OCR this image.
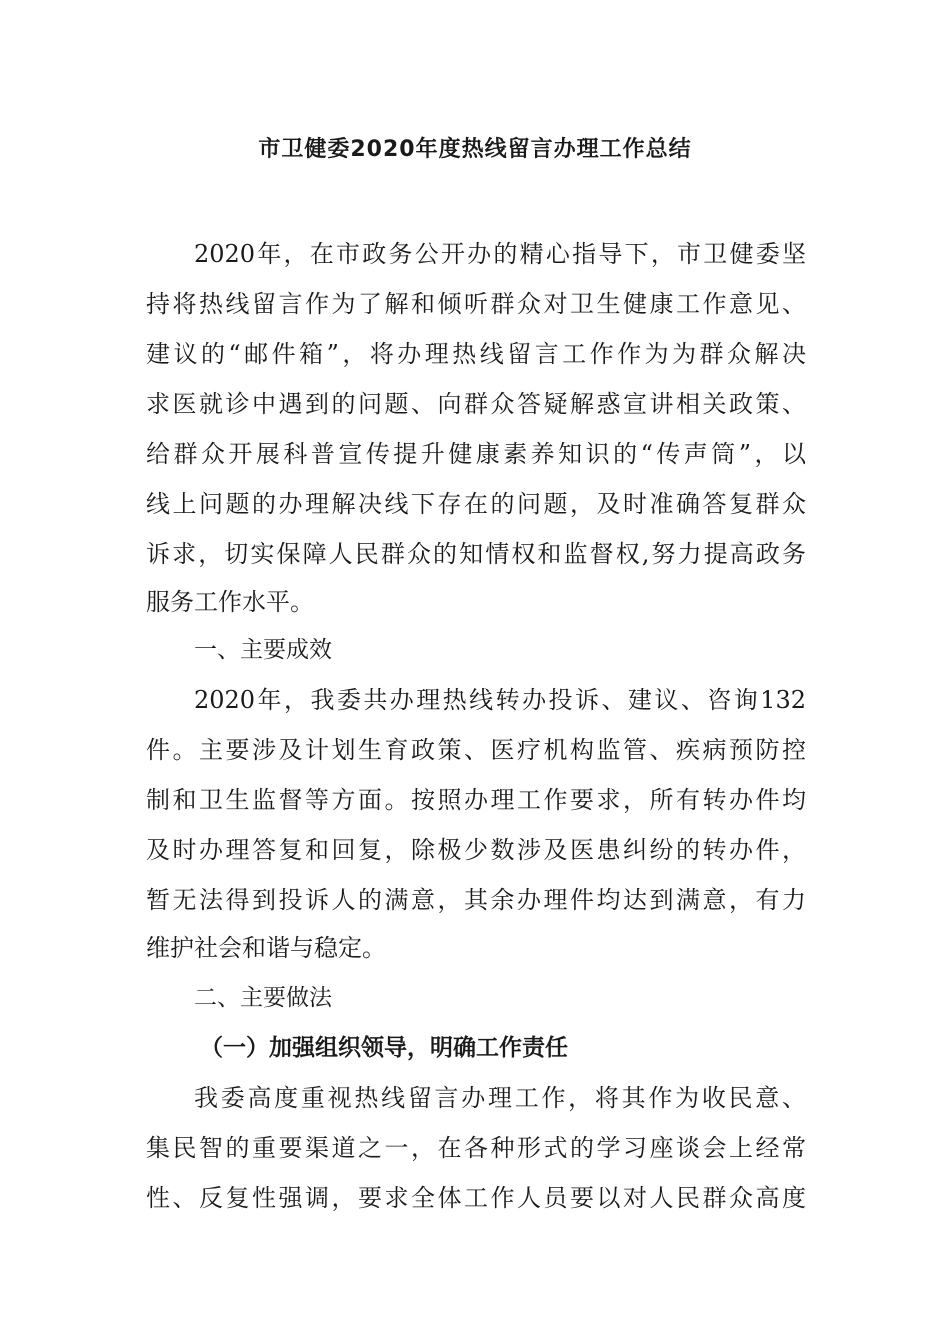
市卫健委2020年度热线留言办理工作总结

2020年，在市政务公开办的精心指导下，市卫健委坚

持将热线留言作为了解和倾听群众对卫生健康工作意见、

建议的“邮件箱”，将办理热线留言工作作为为群众解决

求医就诊中遇到的问题、向群众答疑解惑宣讲相关政策、

给群众开展科普宣传提升健康素养知识的“传声筒”，以

线上问题的办理解决线下存在的问题，及时准确答复群众

诉求，切实保障人民群众的知情权和监督权,努力提高政务

服务工作水平。

一、主要成效

2020年，我委共办理热线转办投诉、建议、咨询132

件。主要涉及计划生育政策、医疗机构监管、疾病预防控

制和卫生监督等方面。按照办理工作要求，所有转办件均

及时办理答复和回复，除极少数涉及医患纠纷的转办件，

暂无法得到投诉人的满意，其余办理件均达到满意，有力

维护社会和谐与稳定。

二、主要做法
（一）加强组织领导，明确工作责任

我委高度重视热线留言办理工作，将其作为收民意、

集民智的重要渠道之一，在各种形式的学习座谈会上经常

性、反复性强调，要求全体工作人员要以对人民群众高度
